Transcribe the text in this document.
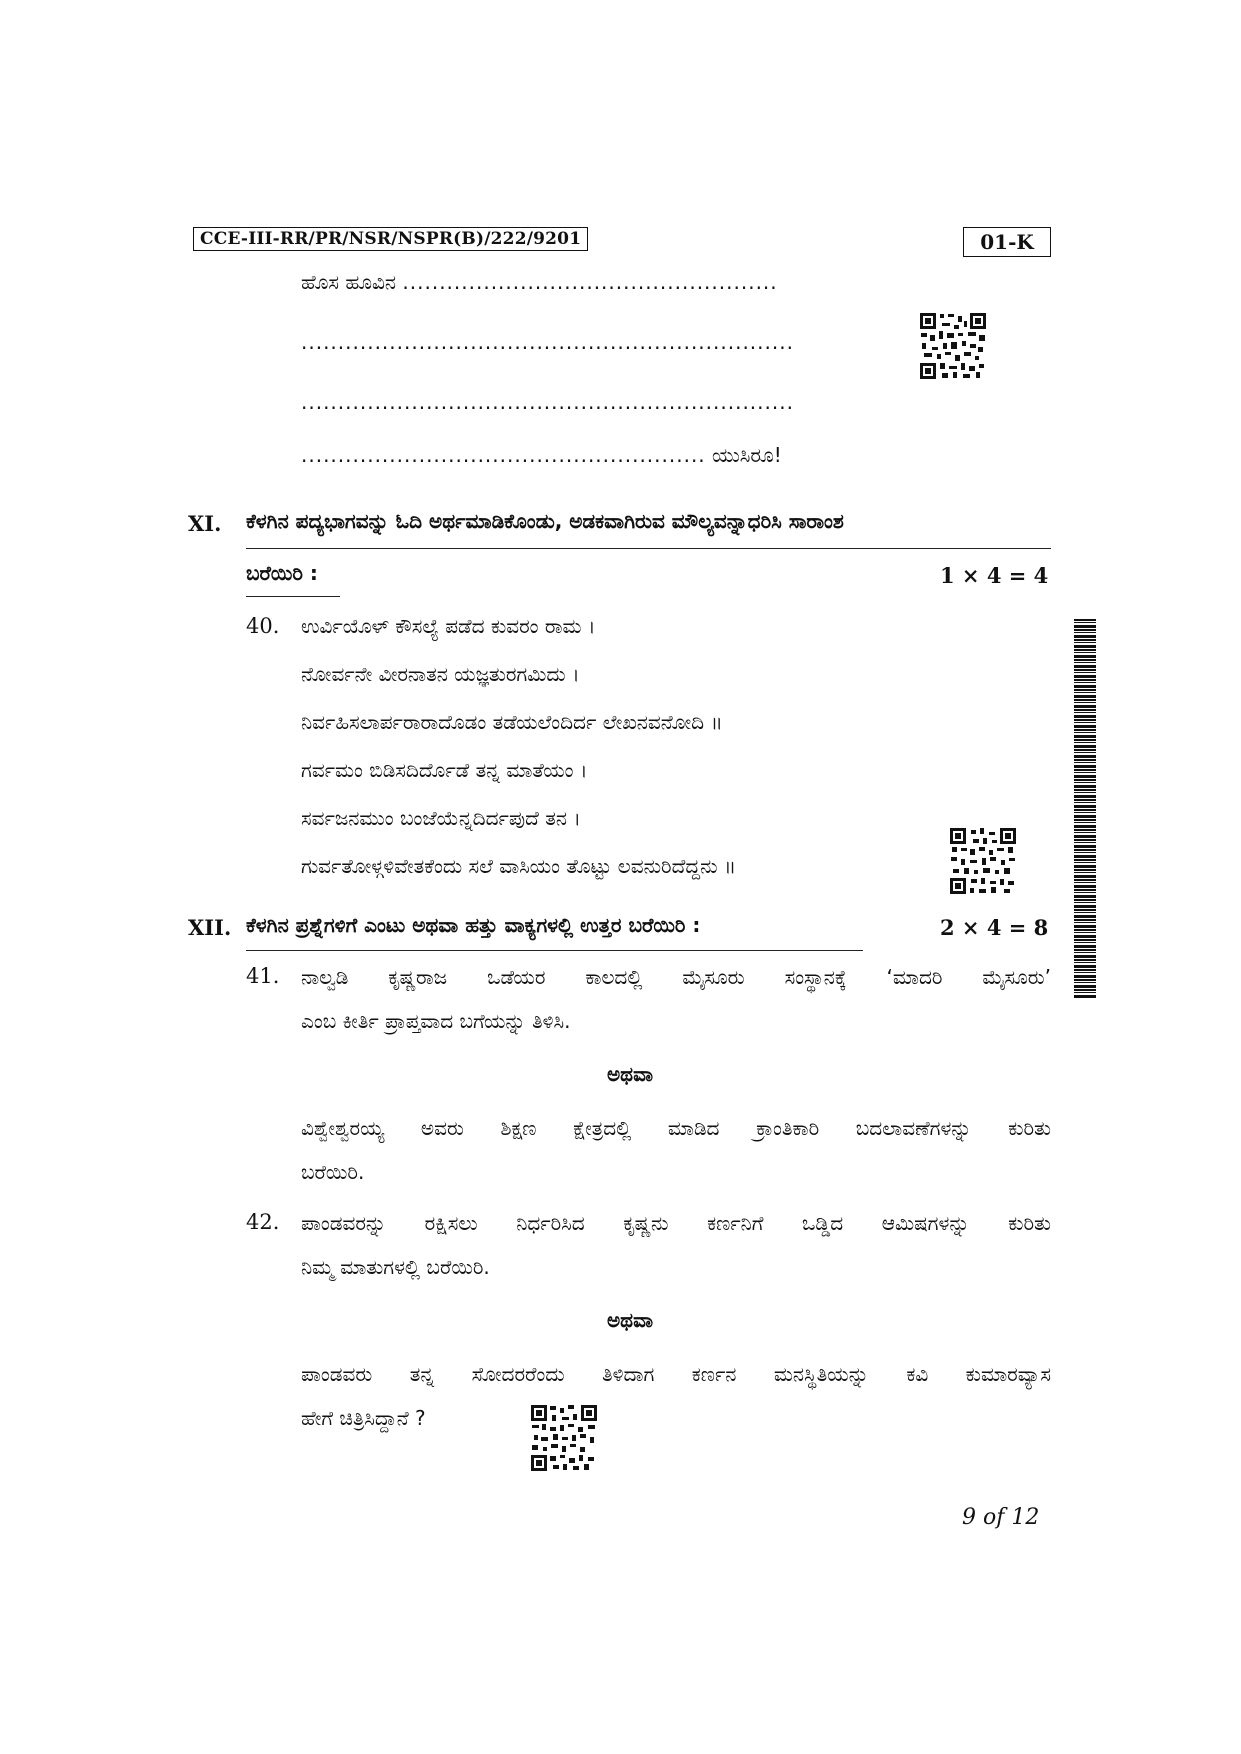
CCE-III-RR/PR/NSR/NSPR(B)/222/9201	01-K
ಹೊಸ ಹೂವಿನ ...................................................
...................................................................
...................................................................
....................................................... ಯುಸಿರೂ!
XI. ಕೆಳಗಿನ ಪದ್ಯಭಾಗವನ್ನು ಓದಿ ಅರ್ಥಮಾಡಿಕೊಂಡು, ಅಡಕವಾಗಿರುವ ಮೌಲ್ಯವನ್ನಾಧರಿಸಿ ಸಾರಾಂಶ
ಬರೆಯಿರಿ :	1 × 4 = 4
40. ಉರ್ವಿಯೊಳ್ ಕೌಸಲ್ಯೆ ಪಡೆದ ಕುವರಂ ರಾಮ ।
ನೋರ್ವನೇ ವೀರನಾತನ ಯಜ್ಞತುರಗಮಿದು ।
ನಿರ್ವಹಿಸಲಾರ್ಪರಾರಾದೊಡಂ ತಡೆಯಲೆಂದಿರ್ದ ಲೇಖನವನೋದಿ ॥
ಗರ್ವಮಂ ಬಿಡಿಸದಿರ್ದೊಡೆ ತನ್ನ ಮಾತೆಯಂ ।
ಸರ್ವಜನಮುಂ ಬಂಜೆಯೆನ್ನದಿರ್ದಪುದೆ ತನ ।
ಗುರ್ವತೋಳ್ಗಳಿವೇತಕೆಂದು ಸಲೆ ವಾಸಿಯಂ ತೊಟ್ಟು ಲವನುರಿದೆದ್ದನು ॥
XII. ಕೆಳಗಿನ ಪ್ರಶ್ನೆಗಳಿಗೆ ಎಂಟು ಅಥವಾ ಹತ್ತು ವಾಕ್ಯಗಳಲ್ಲಿ ಉತ್ತರ ಬರೆಯಿರಿ :	2 × 4 = 8
41. ನಾಲ್ವಡಿ ಕೃಷ್ಣರಾಜ ಒಡೆಯರ ಕಾಲದಲ್ಲಿ ಮೈಸೂರು ಸಂಸ್ಥಾನಕ್ಕೆ ‘ಮಾದರಿ ಮೈಸೂರು’
ಎಂಬ ಕೀರ್ತಿ ಪ್ರಾಪ್ತವಾದ ಬಗೆಯನ್ನು ತಿಳಿಸಿ.
ಅಥವಾ
ವಿಶ್ವೇಶ್ವರಯ್ಯ ಅವರು ಶಿಕ್ಷಣ ಕ್ಷೇತ್ರದಲ್ಲಿ ಮಾಡಿದ ಕ್ರಾಂತಿಕಾರಿ ಬದಲಾವಣೆಗಳನ್ನು ಕುರಿತು
ಬರೆಯಿರಿ.
42. ಪಾಂಡವರನ್ನು ರಕ್ಷಿಸಲು ನಿರ್ಧರಿಸಿದ ಕೃಷ್ಣನು ಕರ್ಣನಿಗೆ ಒಡ್ಡಿದ ಆಮಿಷಗಳನ್ನು ಕುರಿತು
ನಿಮ್ಮ ಮಾತುಗಳಲ್ಲಿ ಬರೆಯಿರಿ.
ಅಥವಾ
ಪಾಂಡವರು ತನ್ನ ಸೋದರರೆಂದು ತಿಳಿದಾಗ ಕರ್ಣನ ಮನಸ್ಥಿತಿಯನ್ನು ಕವಿ ಕುಮಾರವ್ಯಾಸ
ಹೇಗೆ ಚಿತ್ರಿಸಿದ್ದಾನೆ ?
9 of 12
